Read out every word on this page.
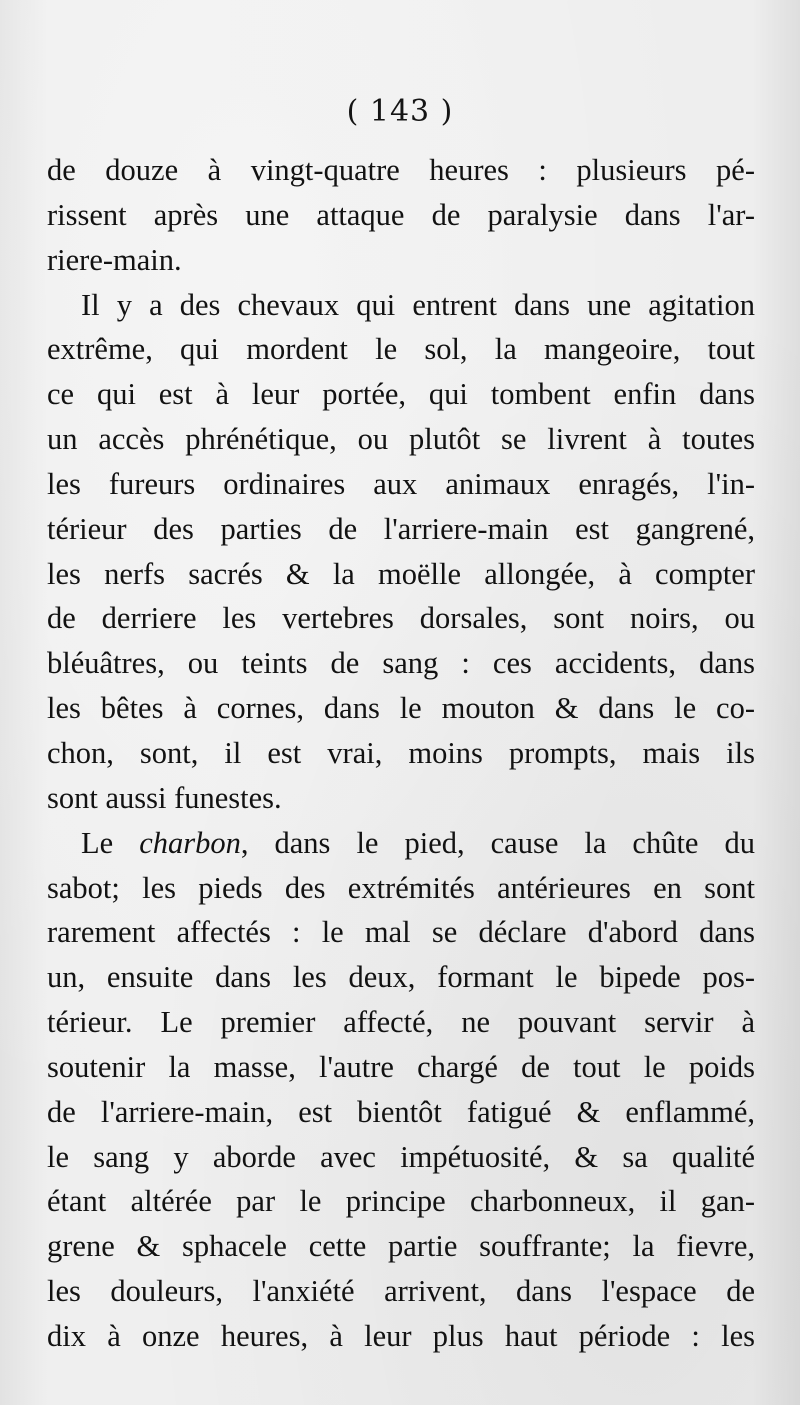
( 143 )
de douze à vingt-quatre heures : plusieurs pé-
rissent après une attaque de paralysie dans l'ar-
riere-main.
Il y a des chevaux qui entrent dans une agitation
extrême, qui mordent le sol, la mangeoire, tout
ce qui est à leur portée, qui tombent enfin dans
un accès phrénétique, ou plutôt se livrent à toutes
les fureurs ordinaires aux animaux enragés, l'in-
térieur des parties de l'arriere-main est gangrené,
les nerfs sacrés & la moëlle allongée, à compter
de derriere les vertebres dorsales, sont noirs, ou
bléuâtres, ou teints de sang : ces accidents, dans
les bêtes à cornes, dans le mouton & dans le co-
chon, sont, il est vrai, moins prompts, mais ils
sont aussi funestes.
Le charbon, dans le pied, cause la chûte du
sabot; les pieds des extrémités antérieures en sont
rarement affectés : le mal se déclare d'abord dans
un, ensuite dans les deux, formant le bipede pos-
térieur. Le premier affecté, ne pouvant servir à
soutenir la masse, l'autre chargé de tout le poids
de l'arriere-main, est bientôt fatigué & enflammé,
le sang y aborde avec impétuosité, & sa qualité
étant altérée par le principe charbonneux, il gan-
grene & sphacele cette partie souffrante; la fievre,
les douleurs, l'anxiété arrivent, dans l'espace de
dix à onze heures, à leur plus haut période : les
